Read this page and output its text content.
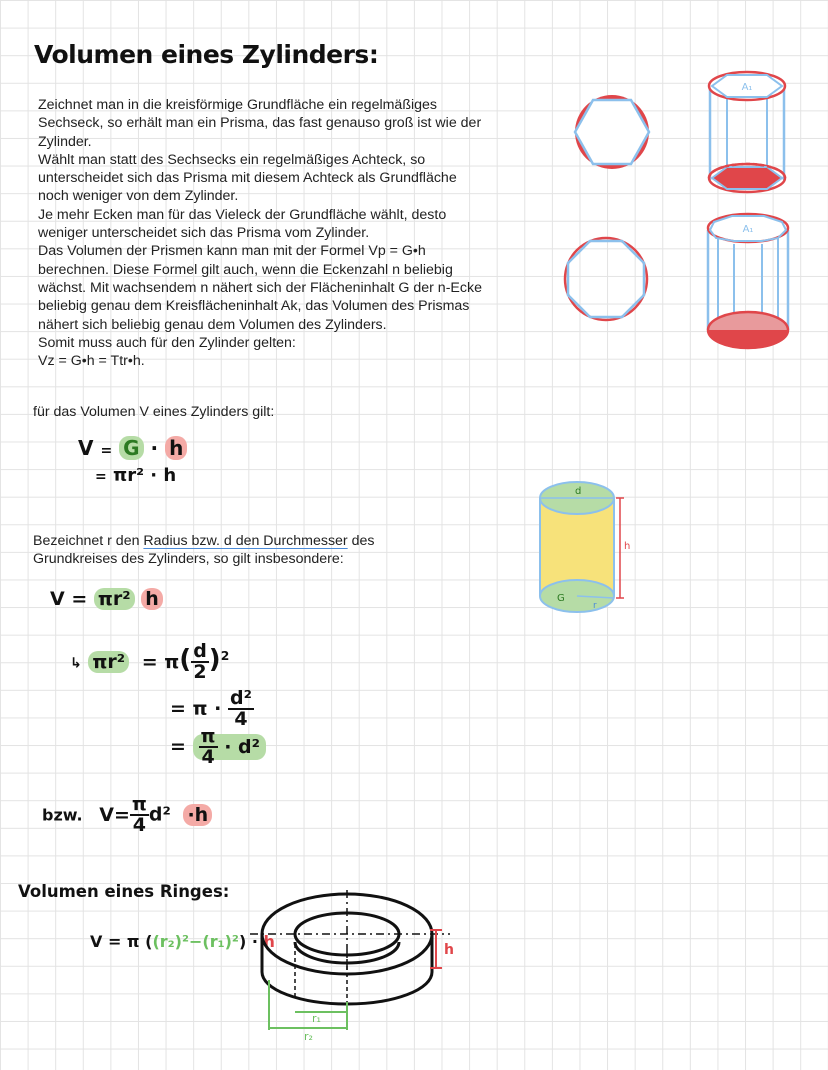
Volumen eines Zylinders:
Zeichnet man in die kreisförmige Grundfläche ein regelmäßiges
Sechseck, so erhält man ein Prisma, das fast genauso groß ist wie der
Zylinder.
Wählt man statt des Sechsecks ein regelmäßiges Achteck, so
unterscheidet sich das Prisma mit diesem Achteck als Grundfläche
noch weniger von dem Zylinder.
Je mehr Ecken man für das Vieleck der Grundfläche wählt, desto
weniger unterscheidet sich das Prisma vom Zylinder.
Das Volumen der Prismen kann man mit der Formel Vp = G•h
berechnen. Diese Formel gilt auch, wenn die Eckenzahl n beliebig
wächst. Mit wachsendem n nähert sich der Flächeninhalt G der n-Ecke
beliebig genau dem Kreisflächeninhalt Ak, das Volumen des Prismas
nähert sich beliebig genau dem Volumen des Zylinders.
Somit muss auch für den Zylinder gelten:
Vz = G•h = Ttr•h.
A₁
A₁
für das Volumen V eines Zylinders gilt:
V = G · h
= πr² · h
d
h
G
r
Bezeichnet r den Radius bzw. d den Durchmesser des
Grundkreises des Zylinders, so gilt insbesondere:
V = πr² h
↳ $\pi r^2 = \pi( \frac{d}{2} )^2$
= $\pi \cdot \frac{\text{d²}}{4}$
= $\frac{\pi}{4} \cdot d^2$
bzw. $V= \frac{\pi}{4} d^2 \cdot h$
Volumen eines Ringes:
V = π ((r₂)²−(r₁)²) · h	h
r₁
r₂
